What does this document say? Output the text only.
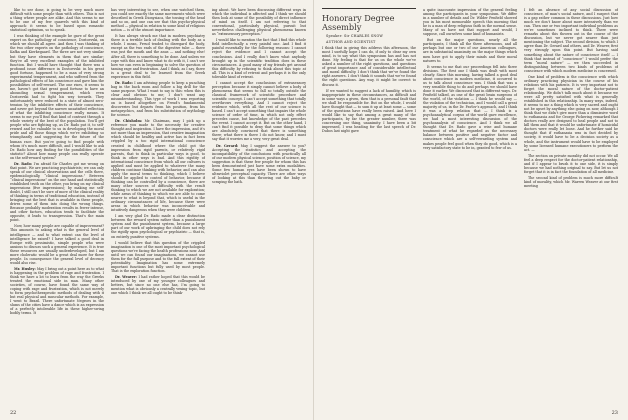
like to see done, is going to be very much more difficult with some people than with others. This is not a thing where people are alike. And this seems to me to be one of my few quarrels with this kind of approach: it seems to be based upon romantic statistical optimism, so to speak.

I was thinking of the example he gave of the great expert on the pathology of conscience, Dostoevski, on which we should all agree. And then I was thinking of the two other experts on the pathology of conscience, Kafka and Kierkegaard. The three are not very similar but they have elements in them that are similar; they’re all very excellent examples of the inhibited function. But I would have thought that there was a profound issue difference in Dostoevski: in his great good fortune, happened to be a man of very strong experimental temperament, and who suffered from the pathological effects of his conscience and gave him the possibilities of self-reward. The one rises, it seems to me, haven’t got that great good fortune to have an abounding sexual temperament, which even Dostoevski had to fight his way towards. They unfortunately were reduced to a state of almost zero-tension by the inhibitive effects of their conscience, and never got beyond the narrow unsatisfied reflection of what the inhibiting conscience really means. It seems to me you’ll find that kind of contrast through a whole variety of the best of the population. You’ll get people who are fighting up, as Dr. Rado put it, to self-reward and be valuable to us in developing the moral pride and all those things which we’re exhibiting so triumphantly and suggesting for the future of the human race. But you’re going to find people with whom it’s much more difficult, and I would like to ask Dr. Rado how any finding for the possibilities of the statistic? About how many people can really operate on the self-reward system?

Dr. Rado: I’m afraid Sir Charles got me wrong on that point. We are practicing psychiatrists; we can only speak of our clinical observations and the cells there, epidemiologically, “clinical impressions.” Between “clinical impressions” on the one hand and statistically established truth on the other, you bring on my clinical impressions (five impressions); by making me self-doubt, I still can’t be sure of more of the clinical reality of thinking in terms of traditional education, instead of bringing out the best that is available in these people, drives some of them into doing the wrong things. Because probably moderation results in fewer intense, and other factors, education tends to facilitate the opposite, it leads to transgression. That’s the main point.

Now, how many people are capable of improvement? This amounts to asking what is the general level of intelligence — and to what extent can the level of intelligence be raised? I have talked a good deal in Europe with pessimistic, simple people who were anxious to discuss such a general experience. It is true these resources are usually underdeveloped, but I am more choleratic would be a great deal more for these people. In consequence the general level of decency would also rise.

Mr. Huxley: May I bring out a point here as to what is happening in the problem of rage and frustration. I think we have a lot to learn from the way the Greeks treated the emotional side in man. Many other societies, of course, have found the same way of coping with rage and frustration, which is not merely to form psychotherapeutic methods of dealing with it but real physical and muscular methods. For example, I went to Brazil. There unfortunate Negroes in the slums of the cities have a dance which is an expression of a perfectly intolerable life in these higher-swing bodily terms. It

has very interesting to see, when one watched them, you could see exactly the same movements which were described in Greek Dionysiaca, the tossing of the head and so on, and one can see that this psycho-physical method — physical in relation to some kind of religious notion — is of the utmost importance.

It has always struck me that in modern psychiatry there is a terrible lack of dealing with the body as a whole. I mean, Freud tended to disregard the body, except as the two ends of the digestive tube — there was just the mouth and the anus — and nothing else! After all, there is something to be done. And unless we cope with this and know what to do with it, I can’t see how we can even in beginning to solve the question of taming rage and frustration. And I think, as I say, there is a great deal to be learned from the Greek experience in this field.

Dr. Rado: I am advising people to keep a punching bag in the back room and follow a big drill for the same purpose. What I want to say is this: when this is clear and obvious to me; I don’t want any misunderstanding. This type of work I was reporting on is based altogether on Freud’s fundamental discoveries but departs from his position, from his metapsychics, and from his substitution of mythology for science.

Dr. Chisholm: Mr. Chairman, may I pick up a reference you made to the necessity for creative thought and inspiration. I have the impression, and it’s not more than an impression, that creative imagination which should be healthy and active has in fact been crippled by a too rigid international conscience created in childhood where the child got the impression from rigid parents, or relatively rigid parents, that to think in particular ways is good, to think in other ways is bad. And this rigidity of international conscience from which all our cultures is applied and must be applied to whatever the many children continue thinking with behavior, and can also apply the moral terms to thinking, which I believe should be applied to control of behavior, because if thinking can be controlled by a conscience, there are many other sources of difficulty with the result thinking to which we are not available for exploration; while areas of thinking to which we are able to come nearer to what is beyond that, which is useful in the ordinary circumstances of life, because there were areas in which behavior was inconceivable and intuitively dangerous when they were children.

I am very glad Dr. Rado made a clear distinction between the reward system rather than a punishment system and the punishment system, because a large part of our work of upbringing the child does not rely the rigidly upon psychological or psychiatric — that is, on entirely punitive systems.

I would believe that this question of the crippled imagination is one of the most important psychological questions we’re facing the health professions now. And until we can found our imaginations, we cannot use them for the full purpose and to the full extent of their potentiality. Imagination has some extremely important functions but fully used by most people. That is the exploration function.

Dr. Weaver: I had rather hoped that this would be introduced by one of my younger colleagues and betters, but since no one else has, I’m going to mention what is obviously a centrally vexing topic, but one which I think we all ought to be think-

ing about. We have been discussing different ways in which the individual is affected and I think we should then look at some of the possibility of direct influence of mind on itself. I am not referring to that conventional, particularly physical, pursuit but nevertheless challenging physical phenomena known as “extrasensory perception.”

I would like to mention the fact that I find this whole field intellectually a very painful one. And I find it painful essentially for the following reasons: I cannot reject the evidence and I cannot accept the conclusions. And I really don’t know what anybody brought up in the scientific tradition does in these circumstances. A good many of my friends get around this difficulty by refusing to think about this topic at all. This is a kind of retreat and perhaps it is the only tolerable kind of retreat.

I cannot accept the conclusions of extrasensory perception because it simply cannot believe a body of phenomena that seems to fall so totally outside the classical framework of scientific procedure and scientific concept. I can’t accept something that totally overthrows everything. And I cannot reject the evidence which, with all the rest of our science is based. I can’t accept something that impairs the whole science of order of time, in which not only effect precedes cause, but knowledge of the past precedes the event. I cannot accept it. But on the other hand, I can’t find it possible to deny that some things which are absolutely convinced that there is something there; what there is there I do not know, and I must say that it worries me a very, very great deal.

Dr. Gerard: May I suggest the answer to you? Accepting the statistics and accepting the incompatibility of the conclusions with practically all of our modern physical science, position of science, my suggestion is that these few people for whom this has been demonstrated just have some extra modalities. Some few human eyes have been shown to have ultraviolet perceptual capacity. There are other ways of looking at this than throwing out the baby or scraping the bath.

Honorary Degree Assembly

Speaker: Sir CHARLES SNOW

AUTHOR AND SCIENTIST

I think that in giving this address this afternoon, the most I usefully hope I can do, if only to clear my own mind, is to say what this symposium has and has not done. My feeling is that for us on the whole we’ve asked a number of the right questions, and questions of great importance and of considerable intellectual and moral difficulty. I don’t think that we’ve found the right answers. I don’t think it sounds that we’ve found the right questions. Any way, it might be correct to discuss it.

If we wanted to suggest a lack of humility, which is inappropriate in these circumstances, as difficult and in some ways a given, then that is a personal fault that we shall be responsible for. But on the whole, I would have thought that — to sum it up at least some — some of the questions have really been raised. And here I would like to say that among a great many of the participants, by far the greater number, there was concerning one thing, unanimity. I have been a bit impressed, I was heading for the last speech of Dr. Dubos last night gave

a quite inaccurate impression of the general feeling among the participants in your symposium. We differ in a number of details and Dr. Wilder Penfield showed you in his most memorable speech this morning that he is a man of deep religious faith in the normal sense. Many of us have not that support and would, I suppose, call ourselves some kind of humanists.

But on the major questions, nearly all the participants, I think all the three afternoons, and all perhaps but one or two of our American colleagues, are in substantial unanimity on the major things which men have got to apply their minds and their moral natures to.

It seems to me that our proceedings fell into three divisions. The first one I think was dealt with most clearly. Since this morning, having talked a good deal about conscience in modern medicine, it occurred to us to talk about conscience was. I think that was a very sensible thing to do and perhaps we should have done it earlier. We discussed that in different ways. Dr. Penfield talked, as one of the great brain surgeons of the world, of the violation — I think he would say — the violation of the technician, and I would call a great majority of us, in the Dr. Pavlov’s approach, and I think it was a deep relation that — I think is a psychoanalytical corpus of the world gave excellence, we had a most interesting discussion of the psychoanalysis of conscience. And I think we all thought that Dr. Rado gave a wise and humane treatment of what he regarded as the necessary balance between positive and negative factor and conscience which are a self-rewarding system and makes people feel good when they do good, which is a very satisfactory state to be in, granted to few of us.

I felt an absence of any social discussion of conscience, of man’s social nature, and I suspect that is a gap rather common in these discussions. Just how much we don’t know about more intensively than we can. Then one or two important individual problems as we’re sometimes inclined to think. There were remarks about this thrown out in the course of the discussion, but we never got nearer than just mentioning the subject. The second division, to which I agree than Dr. Gerard and others, and Dr. Weaver, first very strongly upon this point. But having said something about the nature of conscience itself — I think that instead of “conscience” I would prefer the term “moral nature” — we then succeeded in distinguishing between two kinds of problems of conscience with which modern medicine is concerned.

One kind of problem is the conscience with which ordinary practicing physician in the course of his relations with his patients. It is very important not to forget the moral nature of the doctor-patient relationship. We didn’t talk much about it because we were all pretty satisfied with what is generally established in this relationship. In many ways, indeed, it seems to me a thing which is very sacred and ought not be upset by anything else going on now, although I think that we didn’t give more than a dismissive word to euthanasia and for George Pickering remarked that doctors really are designed to heal people and not to kill them and that it would be unfortunate if homicidal doctors were really let loose. And he further said he thought that if euthanasia was in fact decided by society, it would have to be a decision society as a whole, and the instrument would have to be employed by some licensed humane executioners to perform the act. —

The section on private morality did not occur. We all feel a deep respect for the doctor-patient relationship, and if I appear to brush it to one side, it is simply because we had nothing original to say. But let us not forget that it is in fact the foundation of all medicine.

The second kind of problem is much more difficult kind of morality, which Mr. Warren Weaver at our first meeting

22	23
